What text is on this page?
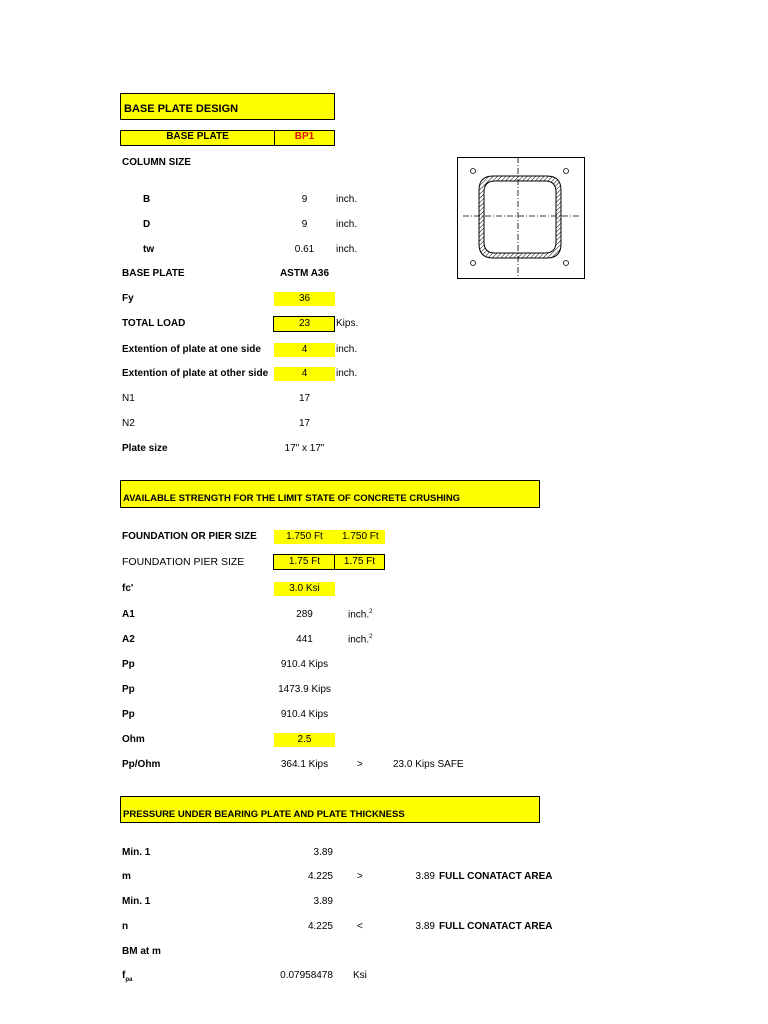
BASE PLATE DESIGN
BASE PLATE	BP1
COLUMN SIZE
B	9	inch.
D	9	inch.
tw	0.61	inch.
BASE PLATE	ASTM A36
Fy	36
TOTAL LOAD	23	Kips.
Extention of plate at one side	4	inch.
Extention of plate at other side	4	inch.
N1	17
N2	17
Plate size	17" x 17"
AVAILABLE STRENGTH FOR THE LIMIT STATE OF CONCRETE CRUSHING
FOUNDATION OR PIER SIZE	1.750 Ft	1.750 Ft
FOUNDATION PIER SIZE	1.75 Ft	1.75 Ft
fc'	3.0 Ksi
A1	289	inch.$^2$
A2	441	inch.$^2$
Pp	910.4 Kips
Pp	1473.9 Kips
Pp	910.4 Kips
Ohm	2.5
Pp/Ohm	364.1 Kips	>	23.0 Kips SAFE
PRESSURE UNDER BEARING PLATE AND PLATE THICKNESS
Min. 1	3.89
m	4.225 >	3.89 FULL CONATACT AREA
Min. 1	3.89
n	4.225 <	3.89 FULL CONATACT AREA
BM at m
$f_{pa}$	0.07958478 Ksi
